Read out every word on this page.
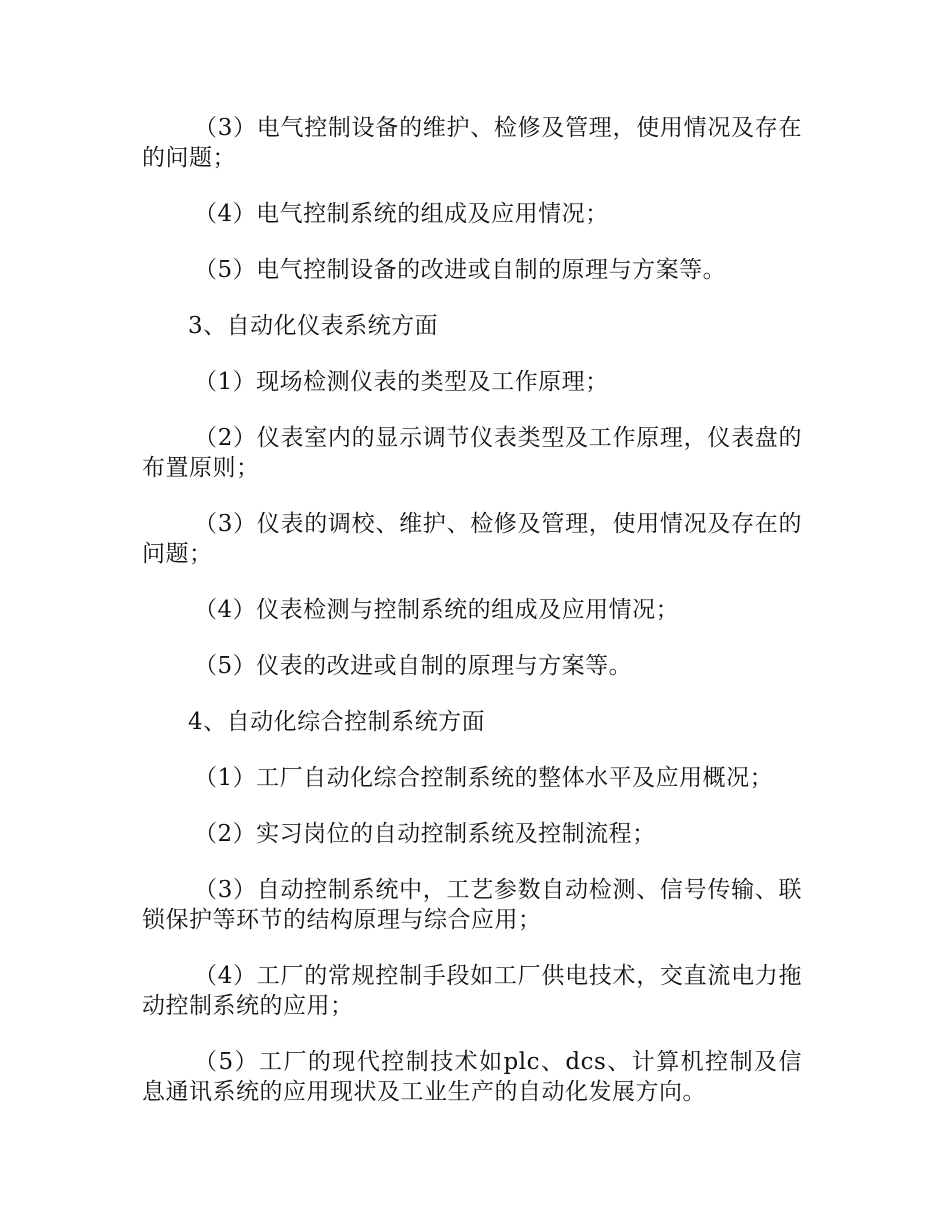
（3）电气控制设备的维护、检修及管理，使用情况及存在的问题；

（4）电气控制系统的组成及应用情况；

（5）电气控制设备的改进或自制的原理与方案等。

3、自动化仪表系统方面

（1）现场检测仪表的类型及工作原理；

（2）仪表室内的显示调节仪表类型及工作原理，仪表盘的布置原则；

（3）仪表的调校、维护、检修及管理，使用情况及存在的问题；

（4）仪表检测与控制系统的组成及应用情况；

（5）仪表的改进或自制的原理与方案等。

4、自动化综合控制系统方面

（1）工厂自动化综合控制系统的整体水平及应用概况；

（2）实习岗位的自动控制系统及控制流程；

（3）自动控制系统中，工艺参数自动检测、信号传输、联锁保护等环节的结构原理与综合应用；

（4）工厂的常规控制手段如工厂供电技术，交直流电力拖动控制系统的应用；

（5）工厂的现代控制技术如plc、dcs、计算机控制及信息通讯系统的应用现状及工业生产的自动化发展方向。
